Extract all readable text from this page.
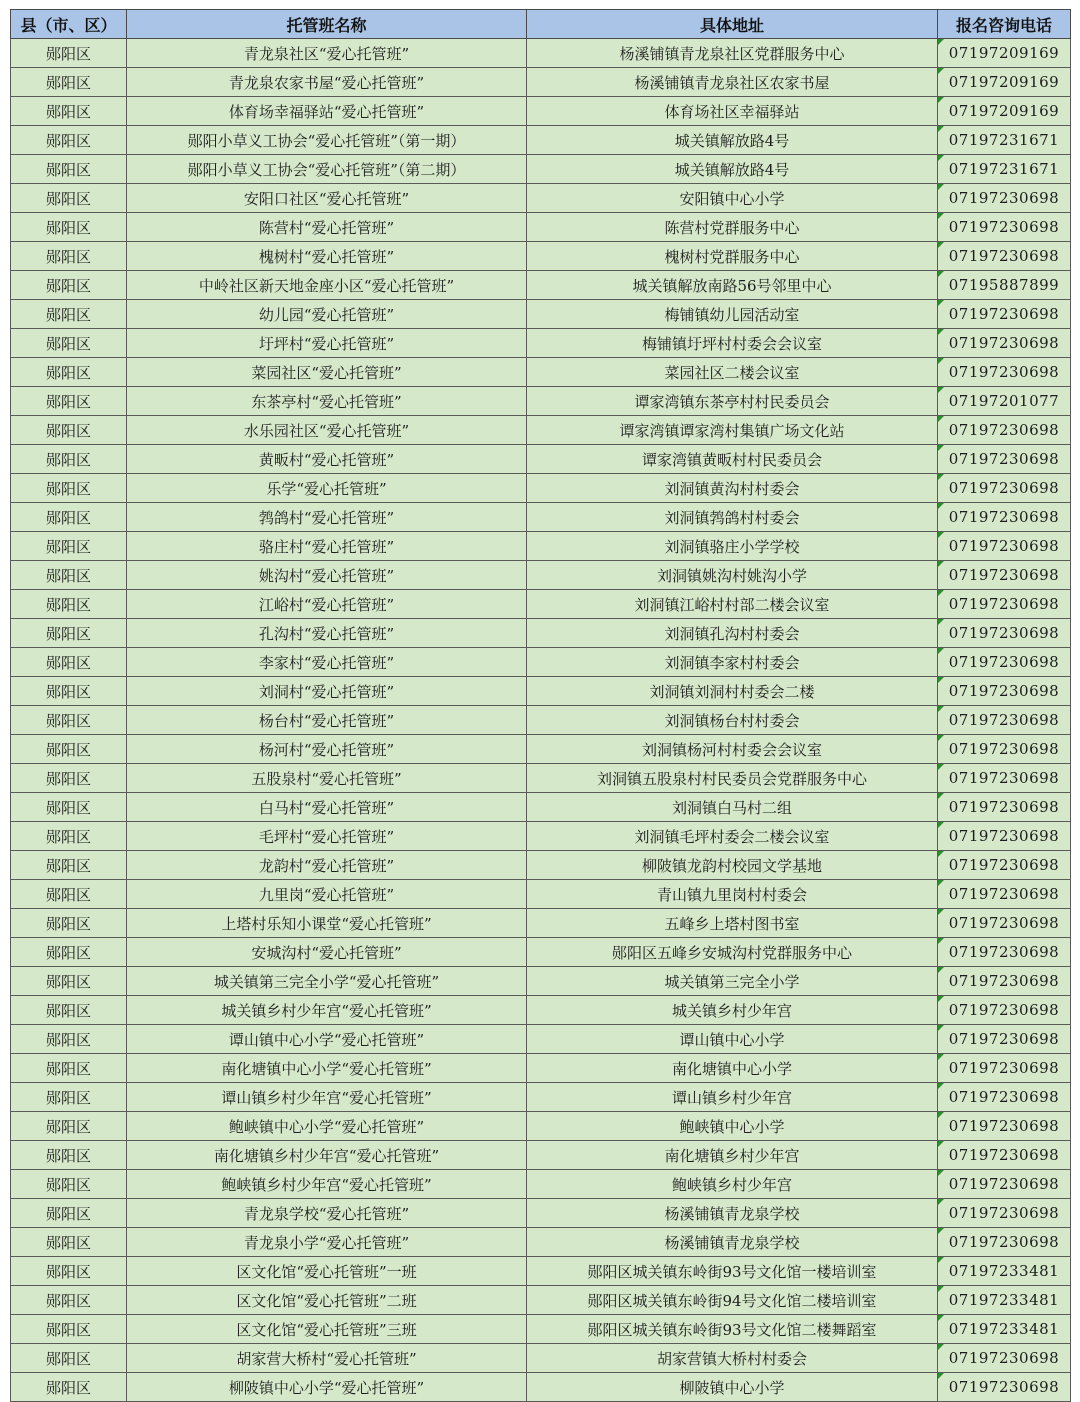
县（市、区）	托管班名称	具体地址	报名咨询电话
郧阳区	青龙泉社区“爱心托管班”	杨溪铺镇青龙泉社区党群服务中心	07197209169
郧阳区	青龙泉农家书屋“爱心托管班”	杨溪铺镇青龙泉社区农家书屋	07197209169
郧阳区	体育场幸福驿站“爱心托管班”	体育场社区幸福驿站	07197209169
郧阳区	郧阳小草义工协会“爱心托管班”（第一期）	城关镇解放路4号	07197231671
郧阳区	郧阳小草义工协会“爱心托管班”（第二期）	城关镇解放路4号	07197231671
郧阳区	安阳口社区“爱心托管班”	安阳镇中心小学	07197230698
郧阳区	陈营村“爱心托管班”	陈营村党群服务中心	07197230698
郧阳区	槐树村“爱心托管班”	槐树村党群服务中心	07197230698
郧阳区	中岭社区新天地金座小区“爱心托管班”	城关镇解放南路56号邻里中心	07195887899
郧阳区	幼儿园“爱心托管班”	梅铺镇幼儿园活动室	07197230698
郧阳区	圩坪村“爱心托管班”	梅铺镇圩坪村村委会会议室	07197230698
郧阳区	菜园社区“爱心托管班”	菜园社区二楼会议室	07197230698
郧阳区	东茶亭村“爱心托管班”	谭家湾镇东茶亭村村民委员会	07197201077
郧阳区	水乐园社区“爱心托管班”	谭家湾镇谭家湾村集镇广场文化站	07197230698
郧阳区	黄畈村“爱心托管班”	谭家湾镇黄畈村村民委员会	07197230698
郧阳区	乐学“爱心托管班”	刘洞镇黄沟村村委会	07197230698
郧阳区	鹁鸽村“爱心托管班”	刘洞镇鹁鸽村村委会	07197230698
郧阳区	骆庄村“爱心托管班”	刘洞镇骆庄小学学校	07197230698
郧阳区	姚沟村“爱心托管班”	刘洞镇姚沟村姚沟小学	07197230698
郧阳区	江峪村“爱心托管班”	刘洞镇江峪村村部二楼会议室	07197230698
郧阳区	孔沟村“爱心托管班”	刘洞镇孔沟村村委会	07197230698
郧阳区	李家村“爱心托管班”	刘洞镇李家村村委会	07197230698
郧阳区	刘洞村“爱心托管班”	刘洞镇刘洞村村委会二楼	07197230698
郧阳区	杨台村“爱心托管班”	刘洞镇杨台村村委会	07197230698
郧阳区	杨河村“爱心托管班”	刘洞镇杨河村村委会会议室	07197230698
郧阳区	五股泉村“爱心托管班”	刘洞镇五股泉村村民委员会党群服务中心	07197230698
郧阳区	白马村“爱心托管班”	刘洞镇白马村二组	07197230698
郧阳区	毛坪村“爱心托管班”	刘洞镇毛坪村委会二楼会议室	07197230698
郧阳区	龙韵村“爱心托管班”	柳陂镇龙韵村校园文学基地	07197230698
郧阳区	九里岗“爱心托管班”	青山镇九里岗村村委会	07197230698
郧阳区	上塔村乐知小课堂“爱心托管班”	五峰乡上塔村图书室	07197230698
郧阳区	安城沟村“爱心托管班”	郧阳区五峰乡安城沟村党群服务中心	07197230698
郧阳区	城关镇第三完全小学“爱心托管班”	城关镇第三完全小学	07197230698
郧阳区	城关镇乡村少年宫“爱心托管班”	城关镇乡村少年宫	07197230698
郧阳区	谭山镇中心小学“爱心托管班”	谭山镇中心小学	07197230698
郧阳区	南化塘镇中心小学“爱心托管班”	南化塘镇中心小学	07197230698
郧阳区	谭山镇乡村少年宫“爱心托管班”	谭山镇乡村少年宫	07197230698
郧阳区	鲍峡镇中心小学“爱心托管班”	鲍峡镇中心小学	07197230698
郧阳区	南化塘镇乡村少年宫“爱心托管班”	南化塘镇乡村少年宫	07197230698
郧阳区	鲍峡镇乡村少年宫“爱心托管班”	鲍峡镇乡村少年宫	07197230698
郧阳区	青龙泉学校“爱心托管班”	杨溪铺镇青龙泉学校	07197230698
郧阳区	青龙泉小学“爱心托管班”	杨溪铺镇青龙泉学校	07197230698
郧阳区	区文化馆“爱心托管班”一班	郧阳区城关镇东岭街93号文化馆一楼培训室	07197233481
郧阳区	区文化馆“爱心托管班”二班	郧阳区城关镇东岭街94号文化馆二楼培训室	07197233481
郧阳区	区文化馆“爱心托管班”三班	郧阳区城关镇东岭街93号文化馆二楼舞蹈室	07197233481
郧阳区	胡家营大桥村“爱心托管班”	胡家营镇大桥村村委会	07197230698
郧阳区	柳陂镇中心小学“爱心托管班”	柳陂镇中心小学	07197230698
